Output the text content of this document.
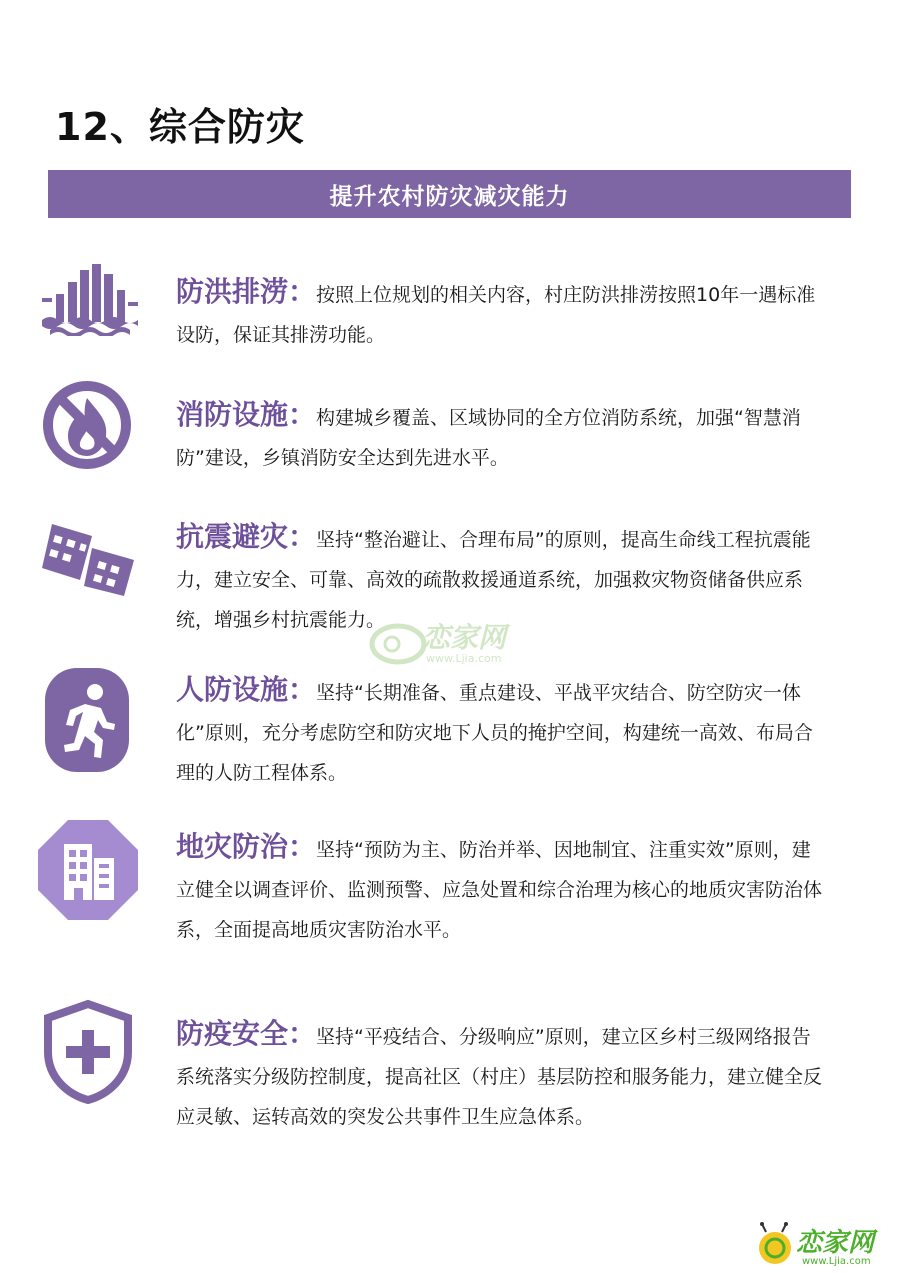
12、综合防灾
提升农村防灾减灾能力
防洪排涝：按照上位规划的相关内容，村庄防洪排涝按照10年一遇标准设防，保证其排涝功能。
消防设施：构建城乡覆盖、区域协同的全方位消防系统，加强“智慧消防”建设，乡镇消防安全达到先进水平。
抗震避灾：坚持“整治避让、合理布局”的原则，提高生命线工程抗震能力，建立安全、可靠、高效的疏散救援通道系统，加强救灾物资储备供应系统，增强乡村抗震能力。
恋家网
www.Ljia.com
人防设施：坚持“长期准备、重点建设、平战平灾结合、防空防灾一体化”原则，充分考虑防空和防灾地下人员的掩护空间，构建统一高效、布局合理的人防工程体系。
地灾防治：坚持“预防为主、防治并举、因地制宜、注重实效”原则，建立健全以调查评价、监测预警、应急处置和综合治理为核心的地质灾害防治体系，全面提高地质灾害防治水平。
防疫安全：坚持“平疫结合、分级响应”原则，建立区乡村三级网络报告系统落实分级防控制度，提高社区（村庄）基层防控和服务能力，建立健全反应灵敏、运转高效的突发公共事件卫生应急体系。
恋家网
www.Ljia.com
